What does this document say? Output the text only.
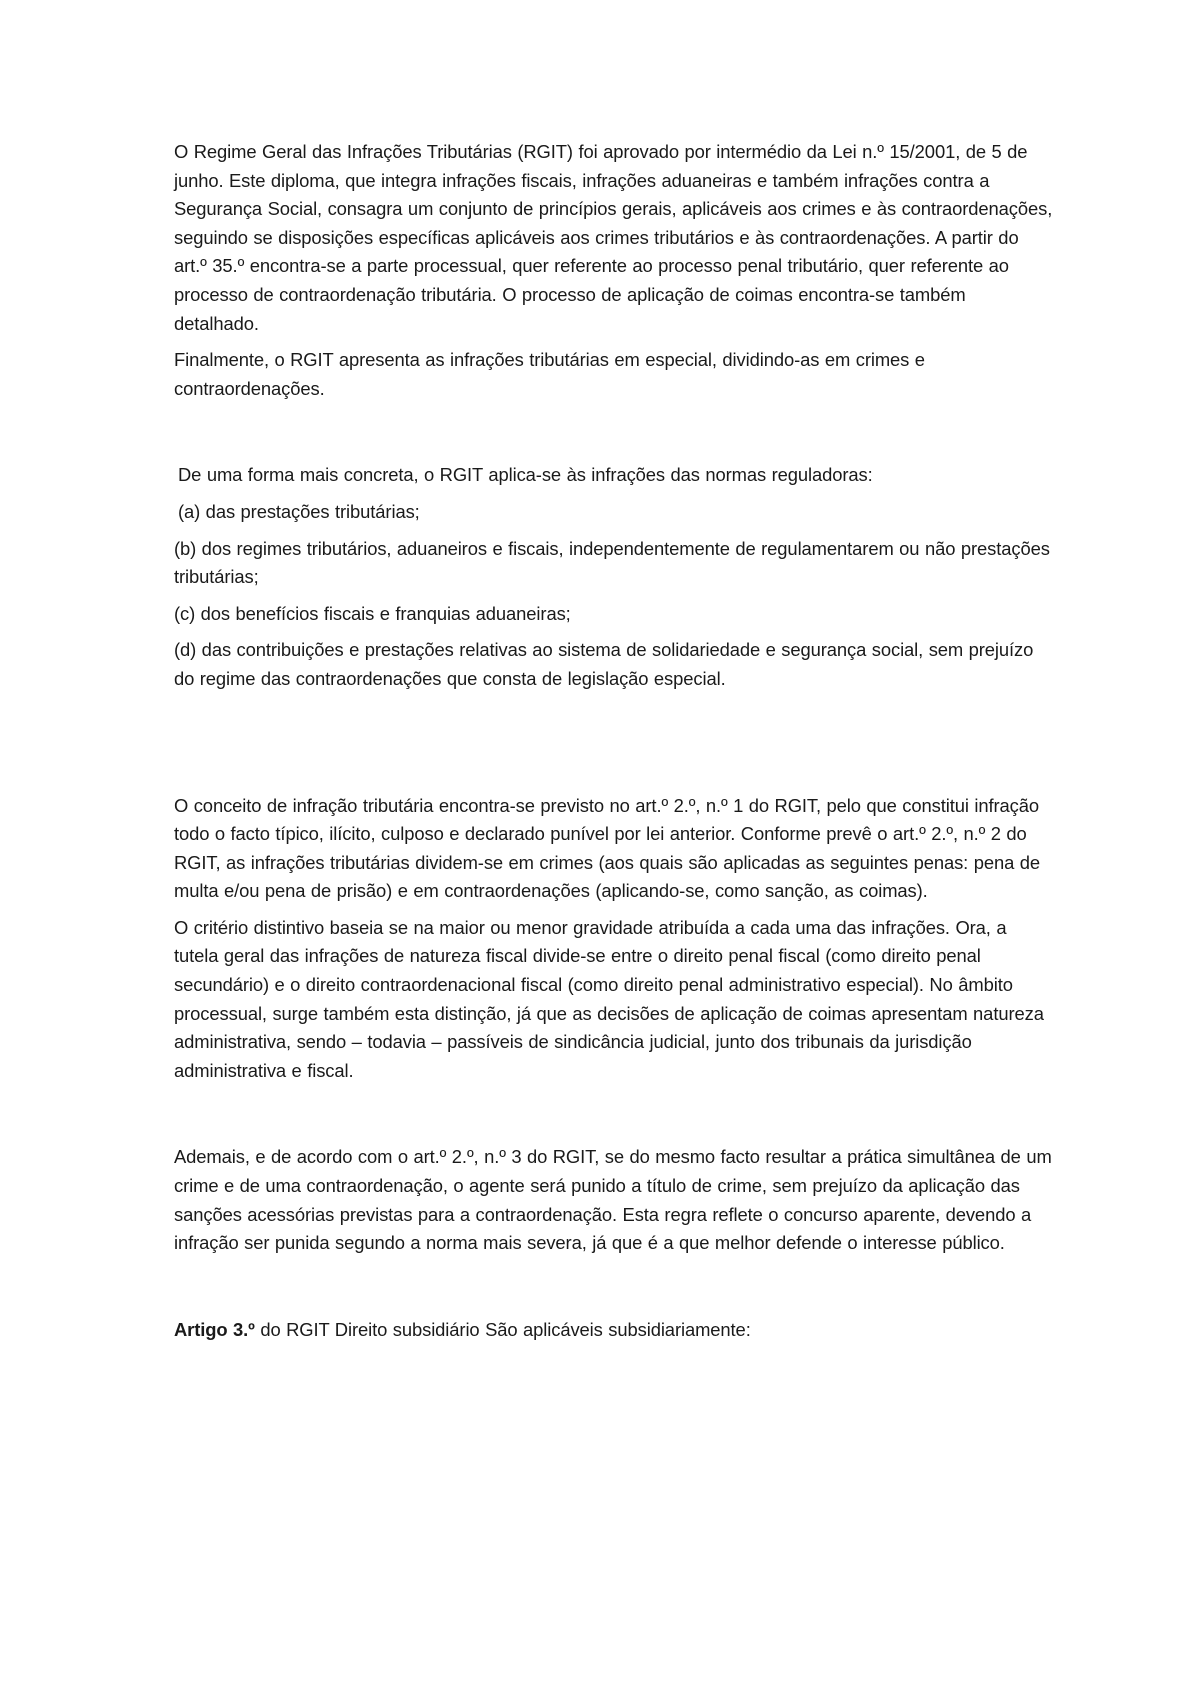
O Regime Geral das Infrações Tributárias (RGIT) foi aprovado por intermédio da Lei n.º 15/2001, de 5 de junho. Este diploma, que integra infrações fiscais, infrações aduaneiras e também infrações contra a Segurança Social, consagra um conjunto de princípios gerais, aplicáveis aos crimes e às contraordenações, seguindo se disposições específicas aplicáveis aos crimes tributários e às contraordenações. A partir do art.º 35.º encontra-se a parte processual, quer referente ao processo penal tributário, quer referente ao processo de contraordenação tributária. O processo de aplicação de coimas encontra-se também detalhado.

Finalmente, o RGIT apresenta as infrações tributárias em especial, dividindo-as em crimes e contraordenações.

De uma forma mais concreta, o RGIT aplica-se às infrações das normas reguladoras:

(a) das prestações tributárias;

(b) dos regimes tributários, aduaneiros e fiscais, independentemente de regulamentarem ou não prestações tributárias;

(c) dos benefícios fiscais e franquias aduaneiras;

(d) das contribuições e prestações relativas ao sistema de solidariedade e segurança social, sem prejuízo do regime das contraordenações que consta de legislação especial.

O conceito de infração tributária encontra-se previsto no art.º 2.º, n.º 1 do RGIT, pelo que constitui infração todo o facto típico, ilícito, culposo e declarado punível por lei anterior. Conforme prevê o art.º 2.º, n.º 2 do RGIT, as infrações tributárias dividem-se em crimes (aos quais são aplicadas as seguintes penas: pena de multa e/ou pena de prisão) e em contraordenações (aplicando-se, como sanção, as coimas).

O critério distintivo baseia se na maior ou menor gravidade atribuída a cada uma das infrações. Ora, a tutela geral das infrações de natureza fiscal divide-se entre o direito penal fiscal (como direito penal secundário) e o direito contraordenacional fiscal (como direito penal administrativo especial). No âmbito processual, surge também esta distinção, já que as decisões de aplicação de coimas apresentam natureza administrativa, sendo – todavia – passíveis de sindicância judicial, junto dos tribunais da jurisdição administrativa e fiscal.

Ademais, e de acordo com o art.º 2.º, n.º 3 do RGIT, se do mesmo facto resultar a prática simultânea de um crime e de uma contraordenação, o agente será punido a título de crime, sem prejuízo da aplicação das sanções acessórias previstas para a contraordenação. Esta regra reflete o concurso aparente, devendo a infração ser punida segundo a norma mais severa, já que é a que melhor defende o interesse público.

Artigo 3.º do RGIT Direito subsidiário São aplicáveis subsidiariamente:
